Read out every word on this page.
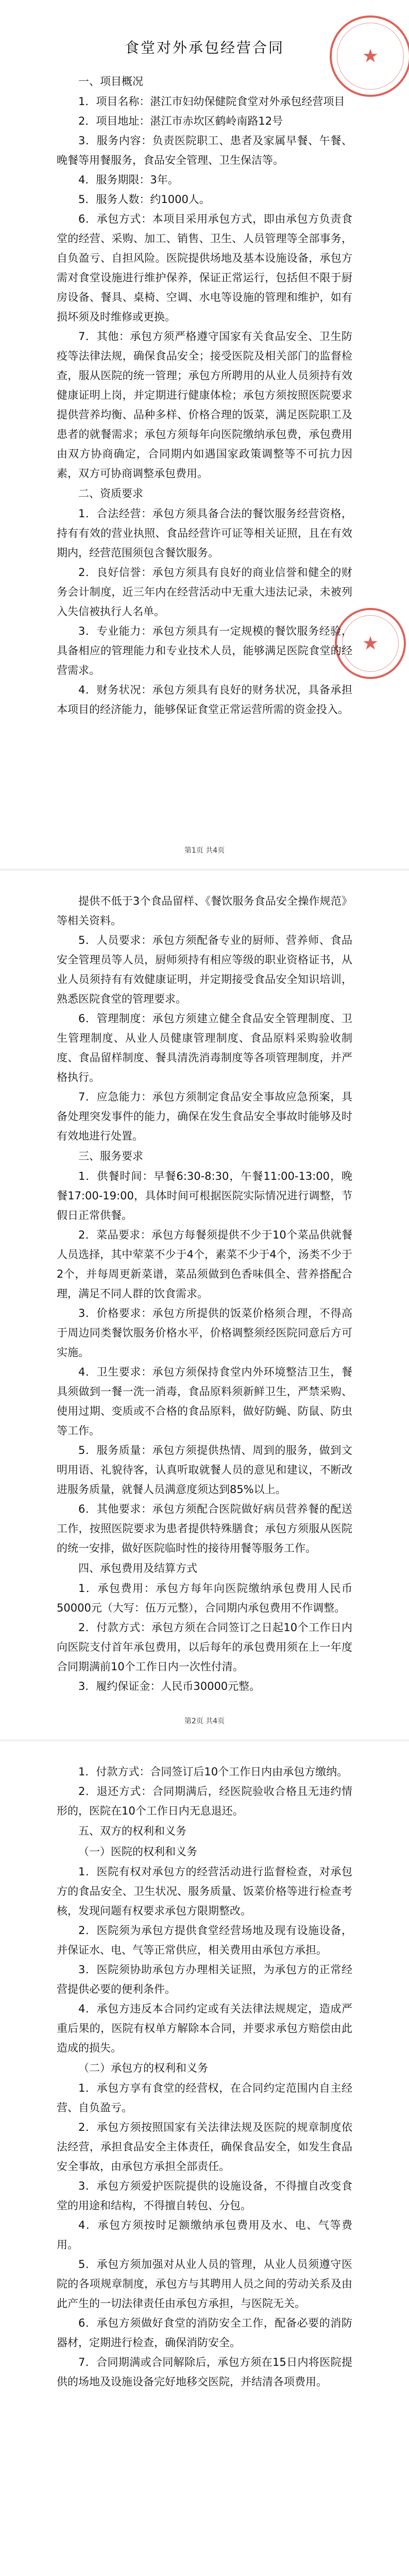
★
★
食堂对外承包经营合同

一、项目概况

1．项目名称：湛江市妇幼保健院食堂对外承包经营项目

2．项目地址：湛江市赤坎区鹤岭南路12号

3．服务内容：负责医院职工、患者及家属早餐、午餐、晚餐等用餐服务，食品安全管理、卫生保洁等。

4．服务期限：3年。

5．服务人数：约1000人。

6．承包方式：本项目采用承包方式，即由承包方负责食堂的经营、采购、加工、销售、卫生、人员管理等全部事务，自负盈亏、自担风险。医院提供场地及基本设施设备，承包方需对食堂设施进行维护保养，保证正常运行，包括但不限于厨房设备、餐具、桌椅、空调、水电等设施的管理和维护，如有损坏须及时维修或更换。

7．其他：承包方须严格遵守国家有关食品安全、卫生防疫等法律法规，确保食品安全；接受医院及相关部门的监督检查，服从医院的统一管理；承包方所聘用的从业人员须持有效健康证明上岗，并定期进行健康体检；承包方须按照医院要求提供营养均衡、品种多样、价格合理的饭菜，满足医院职工及患者的就餐需求；承包方须每年向医院缴纳承包费，承包费用由双方协商确定，合同期内如遇国家政策调整等不可抗力因素，双方可协商调整承包费用。

二、资质要求

1．合法经营：承包方须具备合法的餐饮服务经营资格，持有有效的营业执照、食品经营许可证等相关证照，且在有效期内，经营范围须包含餐饮服务。

2．良好信誉：承包方须具有良好的商业信誉和健全的财务会计制度，近三年内在经营活动中无重大违法记录，未被列入失信被执行人名单。

3．专业能力：承包方须具有一定规模的餐饮服务经验，具备相应的管理能力和专业技术人员，能够满足医院食堂的经营需求。

4．财务状况：承包方须具有良好的财务状况，具备承担本项目的经济能力，能够保证食堂正常运营所需的资金投入。

第1页 共4页

提供不低于3个食品留样、《餐饮服务食品安全操作规范》等相关资料。

5．人员要求：承包方须配备专业的厨师、营养师、食品安全管理员等人员，厨师须持有相应等级的职业资格证书，从业人员须持有有效健康证明，并定期接受食品安全知识培训，熟悉医院食堂的管理要求。

6．管理制度：承包方须建立健全食品安全管理制度、卫生管理制度、从业人员健康管理制度、食品原料采购验收制度、食品留样制度、餐具清洗消毒制度等各项管理制度，并严格执行。

7．应急能力：承包方须制定食品安全事故应急预案，具备处理突发事件的能力，确保在发生食品安全事故时能够及时有效地进行处置。

三、服务要求

1．供餐时间：早餐6:30-8:30，午餐11:00-13:00，晚餐17:00-19:00，具体时间可根据医院实际情况进行调整，节假日正常供餐。

2．菜品要求：承包方每餐须提供不少于10个菜品供就餐人员选择，其中荤菜不少于4个，素菜不少于4个，汤类不少于2个，并每周更新菜谱，菜品须做到色香味俱全、营养搭配合理，满足不同人群的饮食需求。

3．价格要求：承包方所提供的饭菜价格须合理，不得高于周边同类餐饮服务价格水平，价格调整须经医院同意后方可实施。

4．卫生要求：承包方须保持食堂内外环境整洁卫生，餐具须做到一餐一洗一消毒，食品原料须新鲜卫生，严禁采购、使用过期、变质或不合格的食品原料，做好防蝇、防鼠、防虫等工作。

5．服务质量：承包方须提供热情、周到的服务，做到文明用语、礼貌待客，认真听取就餐人员的意见和建议，不断改进服务质量，就餐人员满意度须达到85%以上。

6．其他要求：承包方须配合医院做好病员营养餐的配送工作，按照医院要求为患者提供特殊膳食；承包方须服从医院的统一安排，做好医院临时性的接待用餐等服务工作。

四、承包费用及结算方式

1．承包费用：承包方每年向医院缴纳承包费用人民币50000元（大写：伍万元整），合同期内承包费用不作调整。

2．付款方式：承包方须在合同签订之日起10个工作日内向医院支付首年承包费用，以后每年的承包费用须在上一年度合同期满前10个工作日内一次性付清。

3．履约保证金：人民币30000元整。

第2页 共4页

1．付款方式：合同签订后10个工作日内由承包方缴纳。

2．退还方式：合同期满后，经医院验收合格且无违约情形的，医院在10个工作日内无息退还。

五、双方的权利和义务

（一）医院的权利和义务

1．医院有权对承包方的经营活动进行监督检查，对承包方的食品安全、卫生状况、服务质量、饭菜价格等进行检查考核，发现问题有权要求承包方限期整改。

2．医院须为承包方提供食堂经营场地及现有设施设备，并保证水、电、气等正常供应，相关费用由承包方承担。

3．医院须协助承包方办理相关证照，为承包方的正常经营提供必要的便利条件。

4．承包方违反本合同约定或有关法律法规规定，造成严重后果的，医院有权单方解除本合同，并要求承包方赔偿由此造成的损失。

（二）承包方的权利和义务

1．承包方享有食堂的经营权，在合同约定范围内自主经营、自负盈亏。

2．承包方须按照国家有关法律法规及医院的规章制度依法经营，承担食品安全主体责任，确保食品安全，如发生食品安全事故，由承包方承担全部责任。

3．承包方须爱护医院提供的设施设备，不得擅自改变食堂的用途和结构，不得擅自转包、分包。

4．承包方须按时足额缴纳承包费用及水、电、气等费用。

5．承包方须加强对从业人员的管理，从业人员须遵守医院的各项规章制度，承包方与其聘用人员之间的劳动关系及由此产生的一切法律责任由承包方承担，与医院无关。

6．承包方须做好食堂的消防安全工作，配备必要的消防器材，定期进行检查，确保消防安全。

7．合同期满或合同解除后，承包方须在15日内将医院提供的场地及设施设备完好地移交医院，并结清各项费用。
